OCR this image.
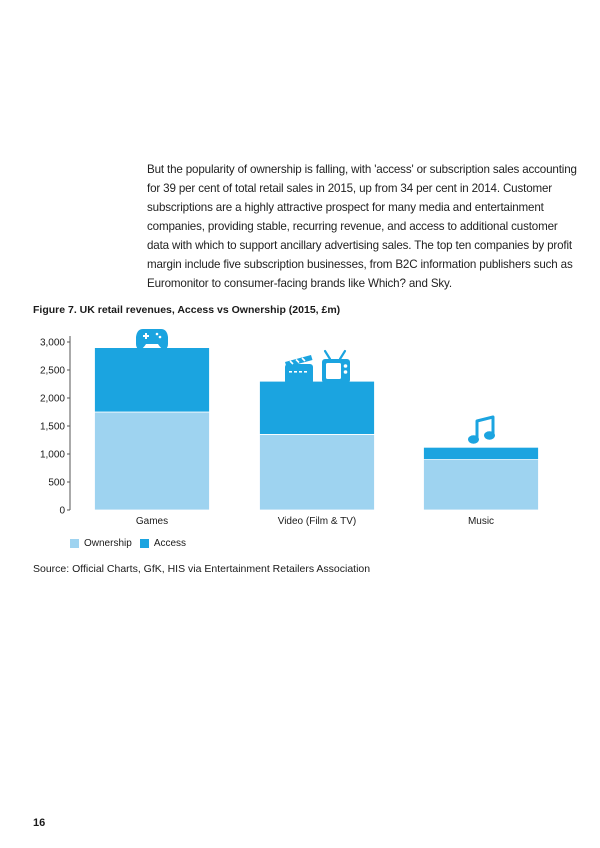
But the popularity of ownership is falling, with 'access' or subscription sales accounting
for 39 per cent of total retail sales in 2015, up from 34 per cent in 2014. Customer
subscriptions are a highly attractive prospect for many media and entertainment
companies, providing stable, recurring revenue, and access to additional customer
data with which to support ancillary advertising sales. The top ten companies by profit
margin include five subscription businesses, from B2C information publishers such as
Euromonitor to consumer-facing brands like Which? and Sky.
Figure 7. UK retail revenues, Access vs Ownership (2015, £m)
0
500
1,000
1,500
2,000
2,500
3,000
Games	Video (Film & TV)	Music
Ownership Access
Source: Official Charts, GfK, HIS via Entertainment Retailers Association
16
